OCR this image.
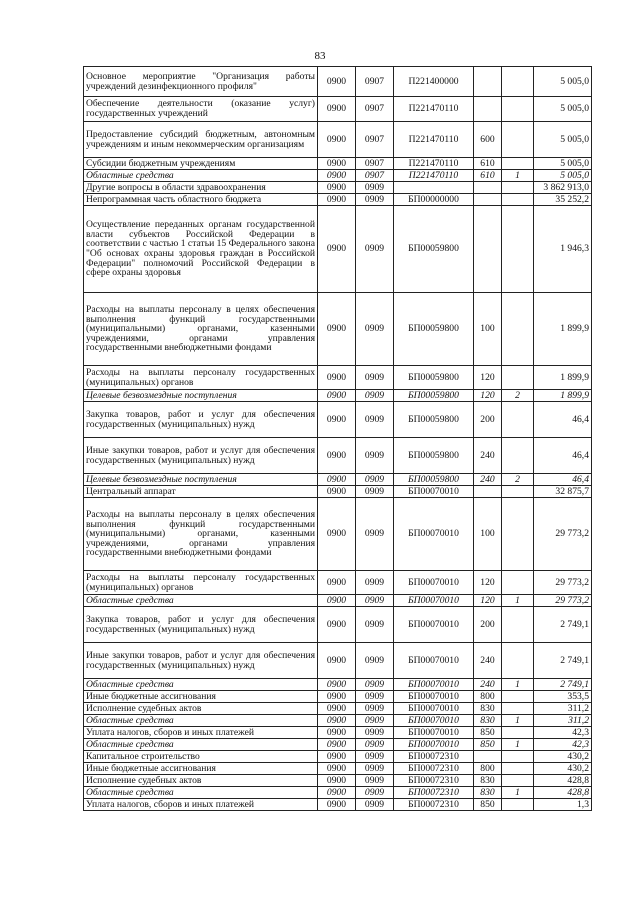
83
Основное мероприятие "Организация работы учреждений дезинфекционного профиля"	0900	0907	П221400000			5 005,0
Обеспечение деятельности (оказание услуг) государственных учреждений	0900	0907	П221470110			5 005,0
Предоставление субсидий бюджетным, автономным учреждениям и иным некоммерческим организациям	0900	0907	П221470110	600		5 005,0
Субсидии бюджетным учреждениям	0900	0907	П221470110	610		5 005,0
Областные средства	0900	0907	П221470110	610	1	5 005,0
Другие вопросы в области здравоохранения	0900	0909				3 862 913,0
Непрограммная часть областного бюджета	0900	0909	БП00000000			35 252,2
Осуществление переданных органам государственной власти субъектов Российской Федерации в соответствии с частью 1 статьи 15 Федерального закона "Об основах охраны здоровья граждан в Российской Федерации" полномочий Российской Федерации в сфере охраны здоровья	0900	0909	БП00059800			1 946,3
Расходы на выплаты персоналу в целях обеспечения выполнения функций государственными (муниципальными) органами, казенными учреждениями, органами управления государственными внебюджетными фондами	0900	0909	БП00059800	100		1 899,9
Расходы на выплаты персоналу государственных (муниципальных) органов	0900	0909	БП00059800	120		1 899,9
Целевые безвозмездные поступления	0900	0909	БП00059800	120	2	1 899,9
Закупка товаров, работ и услуг для обеспечения государственных (муниципальных) нужд	0900	0909	БП00059800	200		46,4
Иные закупки товаров, работ и услуг для обеспечения государственных (муниципальных) нужд	0900	0909	БП00059800	240		46,4
Целевые безвозмездные поступления	0900	0909	БП00059800	240	2	46,4
Центральный аппарат	0900	0909	БП00070010			32 875,7
Расходы на выплаты персоналу в целях обеспечения выполнения функций государственными (муниципальными) органами, казенными учреждениями, органами управления государственными внебюджетными фондами	0900	0909	БП00070010	100		29 773,2
Расходы на выплаты персоналу государственных (муниципальных) органов	0900	0909	БП00070010	120		29 773,2
Областные средства	0900	0909	БП00070010	120	1	29 773,2
Закупка товаров, работ и услуг для обеспечения государственных (муниципальных) нужд	0900	0909	БП00070010	200		2 749,1
Иные закупки товаров, работ и услуг для обеспечения государственных (муниципальных) нужд	0900	0909	БП00070010	240		2 749,1
Областные средства	0900	0909	БП00070010	240	1	2 749,1
Иные бюджетные ассигнования	0900	0909	БП00070010	800		353,5
Исполнение судебных актов	0900	0909	БП00070010	830		311,2
Областные средства	0900	0909	БП00070010	830	1	311,2
Уплата налогов, сборов и иных платежей	0900	0909	БП00070010	850		42,3
Областные средства	0900	0909	БП00070010	850	1	42,3
Капитальное строительство	0900	0909	БП00072310			430,2
Иные бюджетные ассигнования	0900	0909	БП00072310	800		430,2
Исполнение судебных актов	0900	0909	БП00072310	830		428,8
Областные средства	0900	0909	БП00072310	830	1	428,8
Уплата налогов, сборов и иных платежей	0900	0909	БП00072310	850		1,3
